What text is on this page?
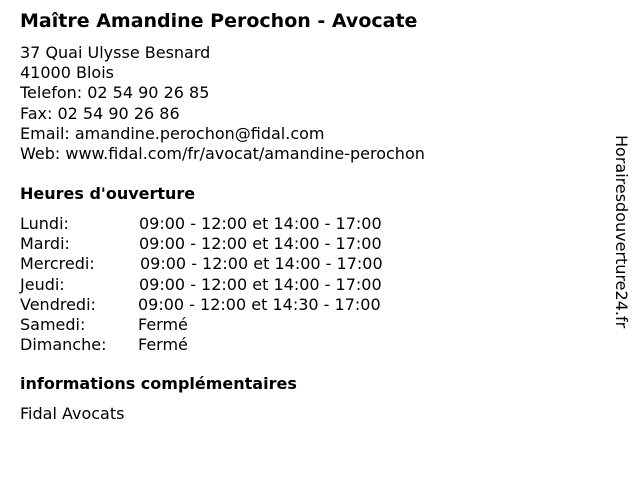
Maître Amandine Perochon - Avocate
37 Quai Ulysse Besnard
41000 Blois
Telefon: 02 54 90 26 85
Fax: 02 54 90 26 86
Email: amandine.perochon@fidal.com
Web: www.fidal.com/fr/avocat/amandine-perochon
Heures d'ouverture
Lundi:	09:00 - 12:00 et 14:00 - 17:00
Mardi:	09:00 - 12:00 et 14:00 - 17:00
Mercredi:	09:00 - 12:00 et 14:00 - 17:00
Jeudi:	09:00 - 12:00 et 14:00 - 17:00
Vendredi:	09:00 - 12:00 et 14:30 - 17:00
Samedi:	Fermé
Dimanche: Fermé
informations complémentaires
Fidal Avocats
Horairesdouverture24.fr
